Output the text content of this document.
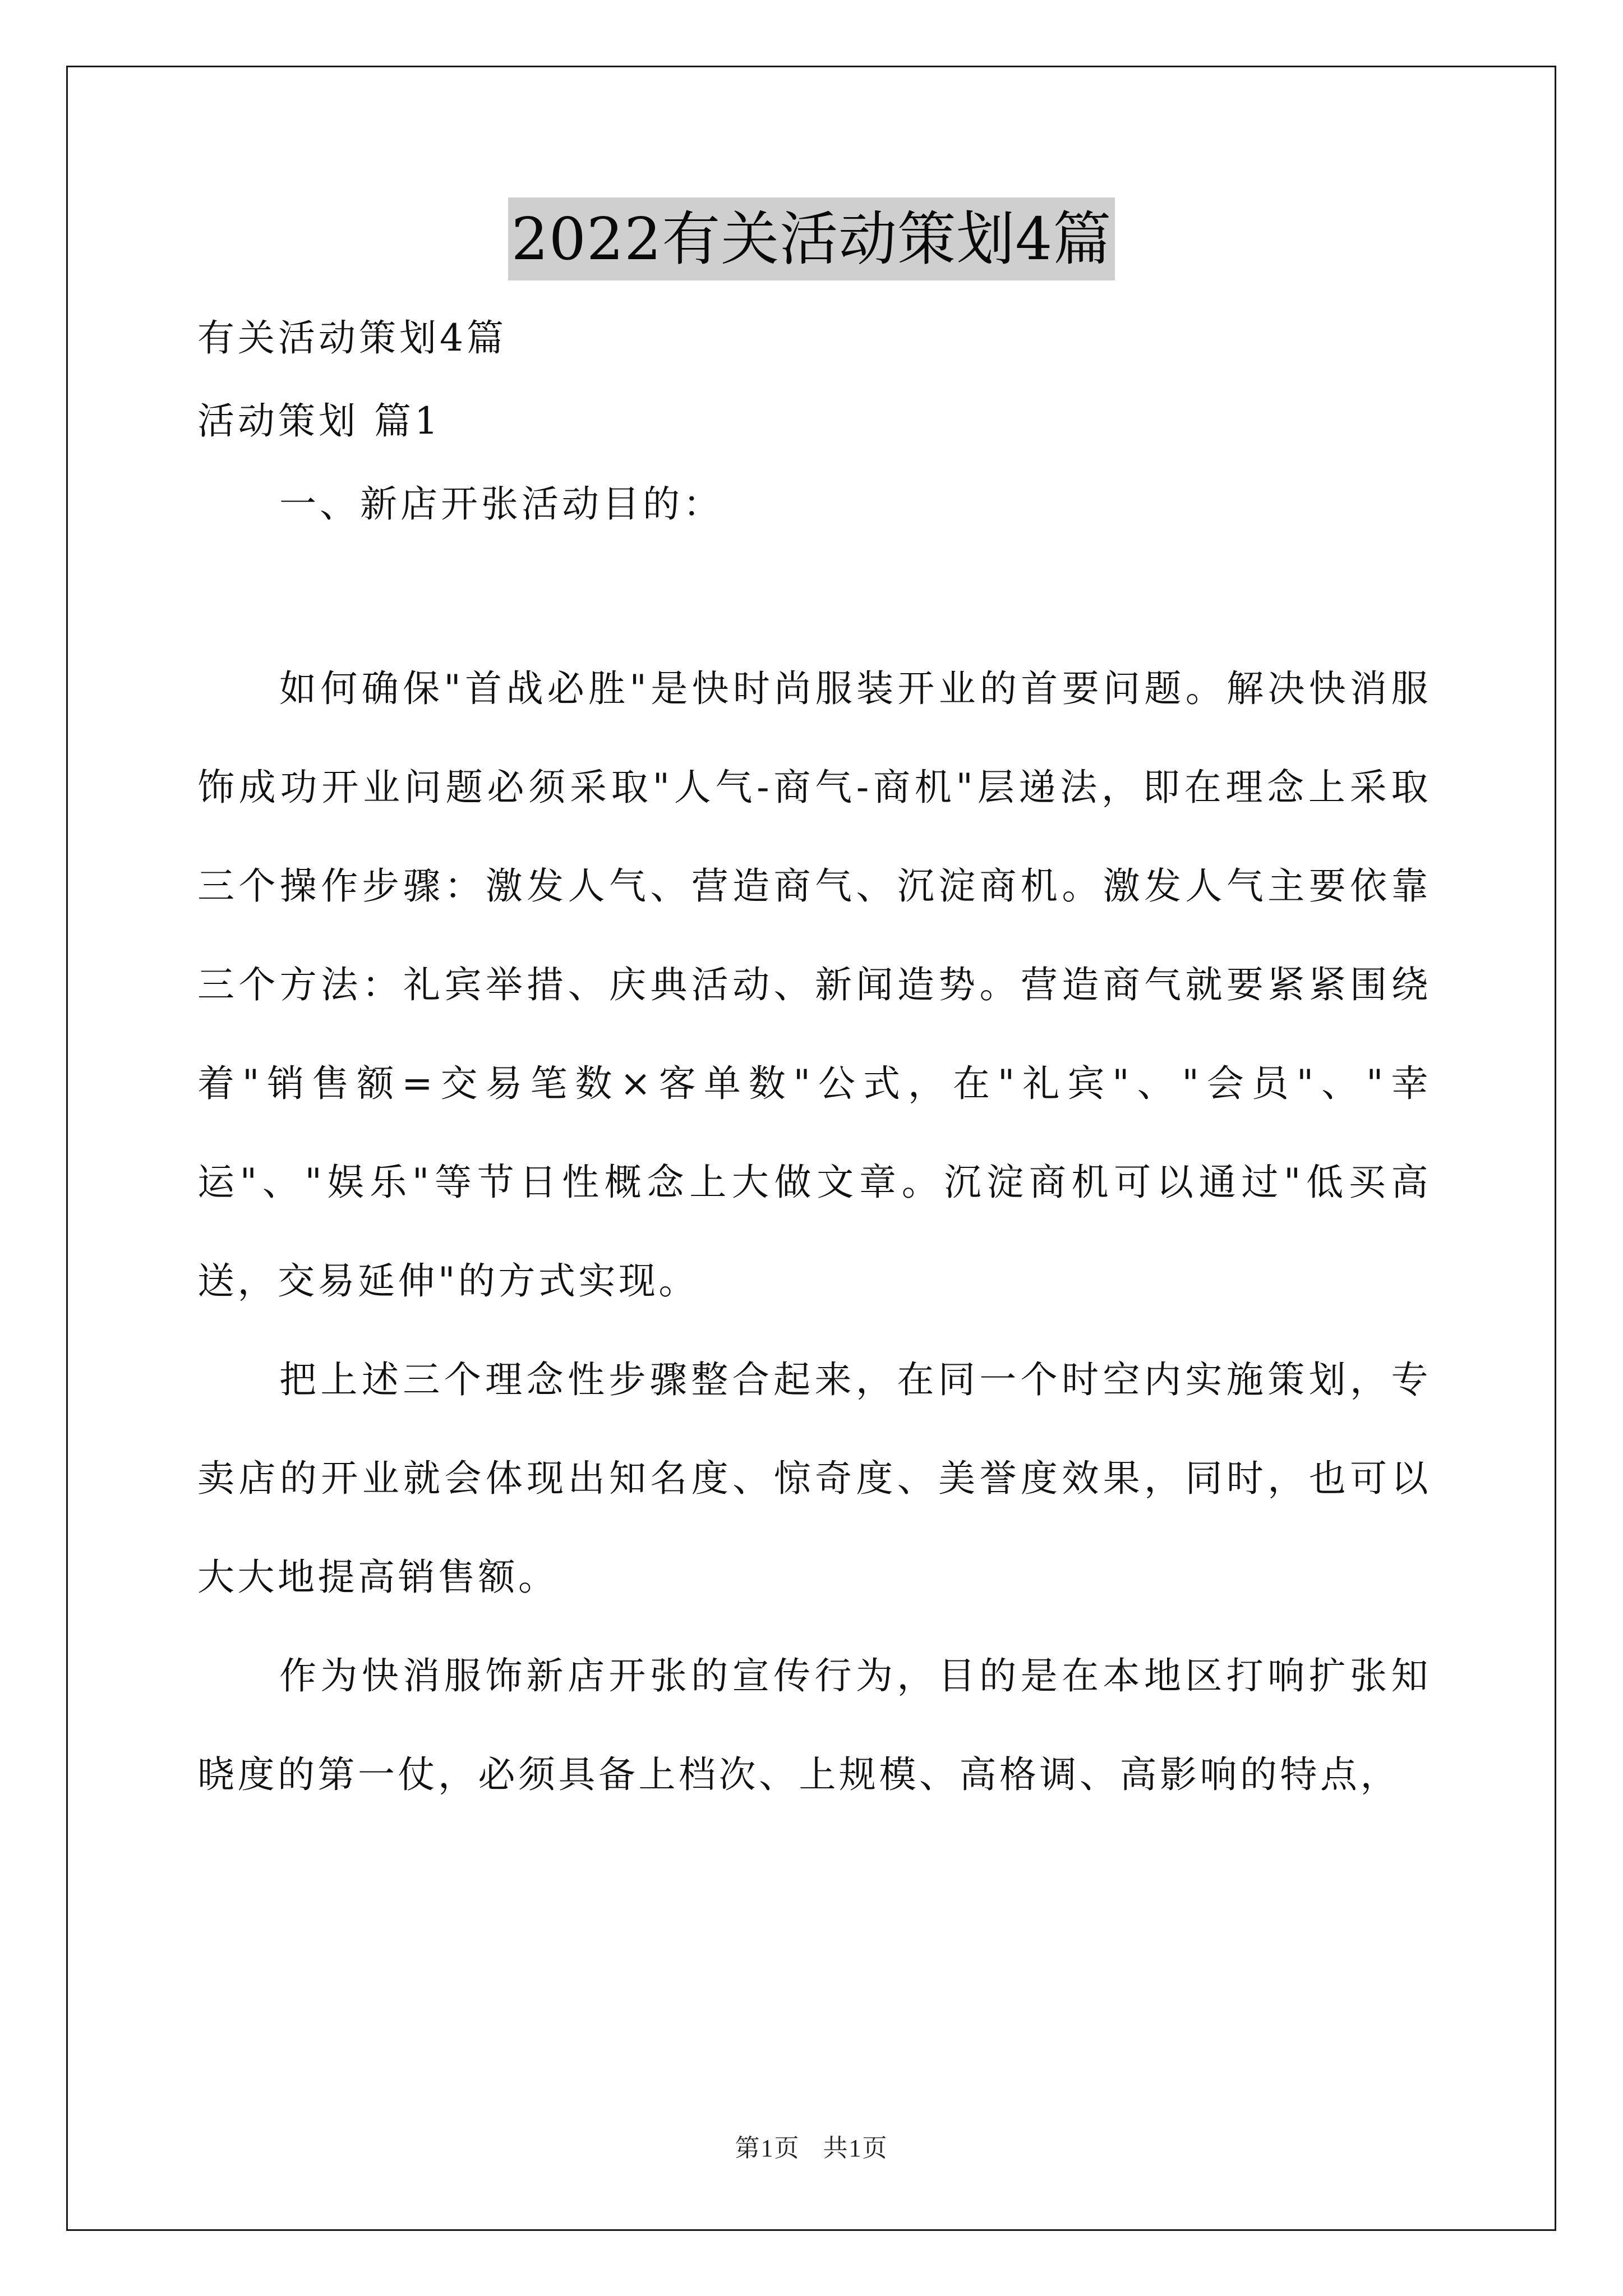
2022有关活动策划4篇
有关活动策划4篇
活动策划 篇1
一、新店开张活动目的：

如何确保"首战必胜"是快时尚服装开业的首要问题。解决快消服饰成功开业问题必须采取"人气-商气-商机"层递法，即在理念上采取三个操作步骤：激发人气、营造商气、沉淀商机。激发人气主要依靠三个方法：礼宾举措、庆典活动、新闻造势。营造商气就要紧紧围绕着"销售额=交易笔数×客单数"公式，在"礼宾"、"会员"、"幸运"、"娱乐"等节日性概念上大做文章。沉淀商机可以通过"低买高送，交易延伸"的方式实现。

把上述三个理念性步骤整合起来，在同一个时空内实施策划，专卖店的开业就会体现出知名度、惊奇度、美誉度效果，同时，也可以大大地提高销售额。

作为快消服饰新店开张的宣传行为，目的是在本地区打响扩张知晓度的第一仗，必须具备上档次、上规模、高格调、高影响的特点，

第1页 共1页
